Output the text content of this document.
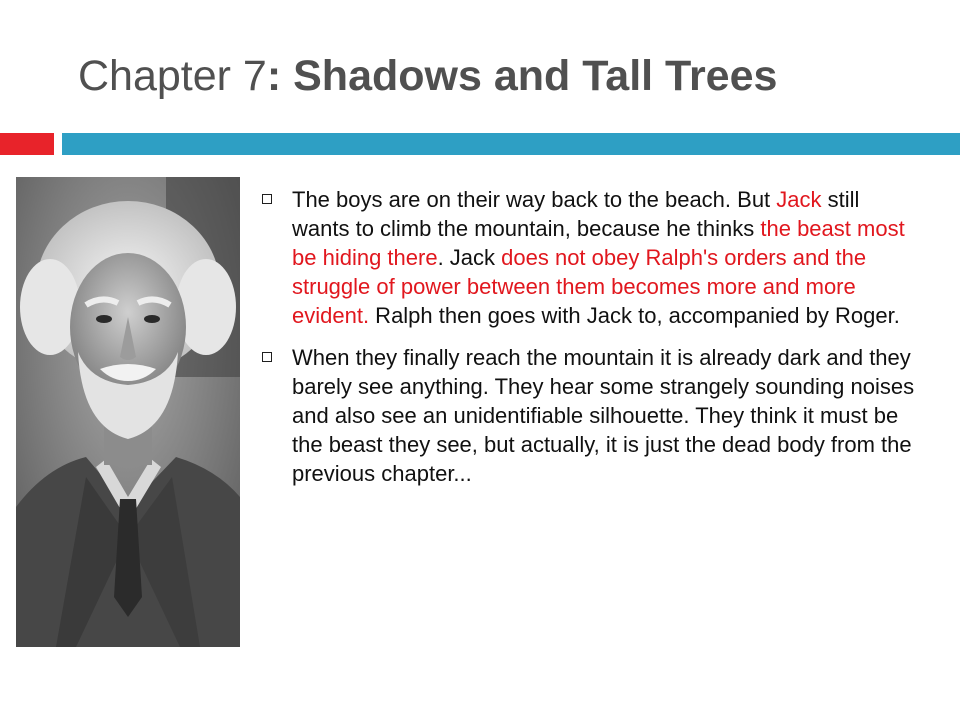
Chapter 7: Shadows and Tall Trees
The boys are on their way back to the beach. But Jack still wants to climb the mountain, because he thinks the beast most be hiding there. Jack does not obey Ralph's orders and the struggle of power between them becomes more and more evident. Ralph then goes with Jack to, accompanied by Roger.
When they finally reach the mountain it is already dark and they barely see anything. They hear some strangely sounding noises and also see an unidentifiable silhouette. They think it must be the beast they see, but actually, it is just the dead body from the previous chapter...
